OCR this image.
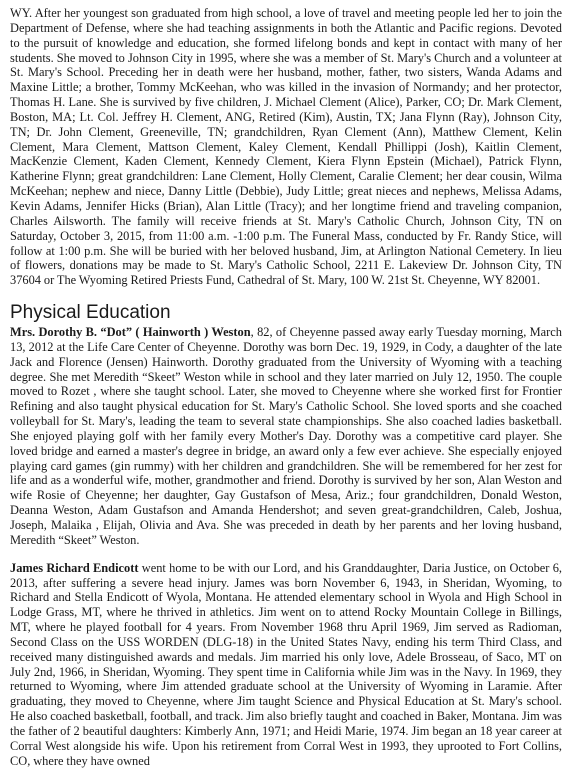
WY. After her youngest son graduated from high school, a love of travel and meeting people led her to join the Department of Defense, where she had teaching assignments in both the Atlantic and Pacific regions. Devoted to the pursuit of knowledge and education, she formed lifelong bonds and kept in contact with many of her students. She moved to Johnson City in 1995, where she was a member of St. Mary's Church and a volunteer at St. Mary's School. Preceding her in death were her husband, mother, father, two sisters, Wanda Adams and Maxine Little; a brother, Tommy McKeehan, who was killed in the invasion of Normandy; and her protector, Thomas H. Lane. She is survived by five children, J. Michael Clement (Alice), Parker, CO; Dr. Mark Clement, Boston, MA; Lt. Col. Jeffrey H. Clement, ANG, Retired (Kim), Austin, TX; Jana Flynn (Ray), Johnson City, TN; Dr. John Clement, Greeneville, TN; grandchildren, Ryan Clement (Ann), Matthew Clement, Kelin Clement, Mara Clement, Mattson Clement, Kaley Clement, Kendall Phillippi (Josh), Kaitlin Clement, MacKenzie Clement, Kaden Clement, Kennedy Clement, Kiera Flynn Epstein (Michael), Patrick Flynn, Katherine Flynn; great grandchildren: Lane Clement, Holly Clement, Caralie Clement; her dear cousin, Wilma McKeehan; nephew and niece, Danny Little (Debbie), Judy Little; great nieces and nephews, Melissa Adams, Kevin Adams, Jennifer Hicks (Brian), Alan Little (Tracy); and her longtime friend and traveling companion, Charles Ailsworth. The family will receive friends at St. Mary's Catholic Church, Johnson City, TN on Saturday, October 3, 2015, from 11:00 a.m. -1:00 p.m. The Funeral Mass, conducted by Fr. Randy Stice, will follow at 1:00 p.m. She will be buried with her beloved husband, Jim, at Arlington National Cemetery. In lieu of flowers, donations may be made to St. Mary's Catholic School, 2211 E. Lakeview Dr. Johnson City, TN 37604 or The Wyoming Retired Priests Fund, Cathedral of St. Mary, 100 W. 21st St. Cheyenne, WY 82001.

Physical Education

Mrs. Dorothy B. “Dot” ( Hainworth ) Weston, 82, of Cheyenne passed away early Tuesday morning, March 13, 2012 at the Life Care Center of Cheyenne. Dorothy was born Dec. 19, 1929, in Cody, a daughter of the late Jack and Florence (Jensen) Hainworth. Dorothy graduated from the University of Wyoming with a teaching degree. She met Meredith “Skeet” Weston while in school and they later married on July 12, 1950. The couple moved to Rozet , where she taught school. Later, she moved to Cheyenne where she worked first for Frontier Refining and also taught physical education for St. Mary's Catholic School. She loved sports and she coached volleyball for St. Mary's, leading the team to several state championships. She also coached ladies basketball. She enjoyed playing golf with her family every Mother's Day. Dorothy was a competitive card player. She loved bridge and earned a master's degree in bridge, an award only a few ever achieve. She especially enjoyed playing card games (gin rummy) with her children and grandchildren. She will be remembered for her zest for life and as a wonderful wife, mother, grandmother and friend. Dorothy is survived by her son, Alan Weston and wife Rosie of Cheyenne; her daughter, Gay Gustafson of Mesa, Ariz.; four grandchildren, Donald Weston, Deanna Weston, Adam Gustafson and Amanda Hendershot; and seven great-grandchildren, Caleb, Joshua, Joseph, Malaika , Elijah, Olivia and Ava. She was preceded in death by her parents and her loving husband, Meredith “Skeet” Weston.

James Richard Endicott went home to be with our Lord, and his Granddaughter, Daria Justice, on October 6, 2013, after suffering a severe head injury. James was born November 6, 1943, in Sheridan, Wyoming, to Richard and Stella Endicott of Wyola, Montana. He attended elementary school in Wyola and High School in Lodge Grass, MT, where he thrived in athletics. Jim went on to attend Rocky Mountain College in Billings, MT, where he played football for 4 years. From November 1968 thru April 1969, Jim served as Radioman, Second Class on the USS WORDEN (DLG-18) in the United States Navy, ending his term Third Class, and received many distinguished awards and medals. Jim married his only love, Adele Brosseau, of Saco, MT on July 2nd, 1966, in Sheridan, Wyoming. They spent time in California while Jim was in the Navy. In 1969, they returned to Wyoming, where Jim attended graduate school at the University of Wyoming in Laramie. After graduating, they moved to Cheyenne, where Jim taught Science and Physical Education at St. Mary's school. He also coached basketball, football, and track. Jim also briefly taught and coached in Baker, Montana. Jim was the father of 2 beautiful daughters: Kimberly Ann, 1971; and Heidi Marie, 1974. Jim began an 18 year career at Corral West alongside his wife. Upon his retirement from Corral West in 1993, they uprooted to Fort Collins, CO, where they have owned
